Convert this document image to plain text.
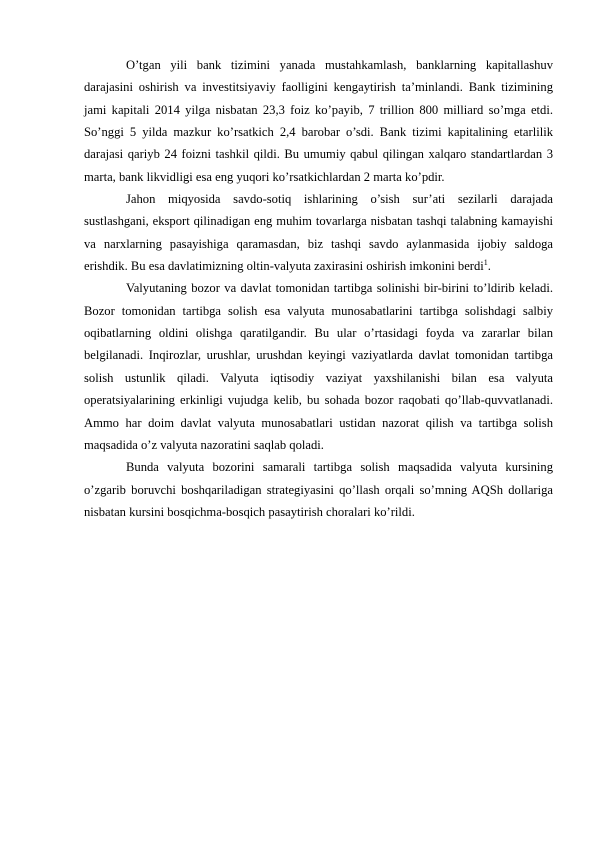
O’tgan yili bank tizimini yanada mustahkamlash, banklarning kapitallashuv darajasini oshirish va investitsiyaviy faolligini kengaytirish ta’minlandi. Bank tizimining jami kapitali 2014 yilga nisbatan 23,3 foiz ko’payib, 7 trillion 800 milliard so’mga etdi. So’nggi 5 yilda mazkur ko’rsatkich 2,4 barobar o’sdi. Bank tizimi kapitalining etarlilik darajasi qariyb 24 foizni tashkil qildi. Bu umumiy qabul qilingan xalqaro standartlardan 3 marta, bank likvidligi esa eng yuqori ko’rsatkichlardan 2 marta ko’pdir.

Jahon miqyosida savdo-sotiq ishlarining o’sish sur’ati sezilarli darajada sustlashgani, eksport qilinadigan eng muhim tovarlarga nisbatan tashqi talabning kamayishi va narxlarning pasayishiga qaramasdan, biz tashqi savdo aylanmasida ijobiy saldoga erishdik. Bu esa davlatimizning oltin-valyuta zaxirasini oshirish imkonini berdi$^1$.

Valyutaning bozor va davlat tomonidan tartibga solinishi bir-birini to’ldirib keladi. Bozor tomonidan tartibga solish esa valyuta munosabatlarini tartibga solishdagi salbiy oqibatlarning oldini olishga qaratilgandir. Bu ular o’rtasidagi foyda va zararlar bilan belgilanadi. Inqirozlar, urushlar, urushdan keyingi vaziyatlarda davlat tomonidan tartibga solish ustunlik qiladi. Valyuta iqtisodiy vaziyat yaxshilanishi bilan esa valyuta operatsiyalarining erkinligi vujudga kelib, bu sohada bozor raqobati qo’llab-quvvatlanadi. Ammo har doim davlat valyuta munosabatlari ustidan nazorat qilish va tartibga solish maqsadida o’z valyuta nazoratini saqlab qoladi.

Bunda valyuta bozorini samarali tartibga solish maqsadida valyuta kursining o’zgarib boruvchi boshqariladigan strategiyasini qo’llash orqali so’mning AQSh dollariga nisbatan kursini bosqichma-bosqich pasaytirish choralari ko’rildi.
